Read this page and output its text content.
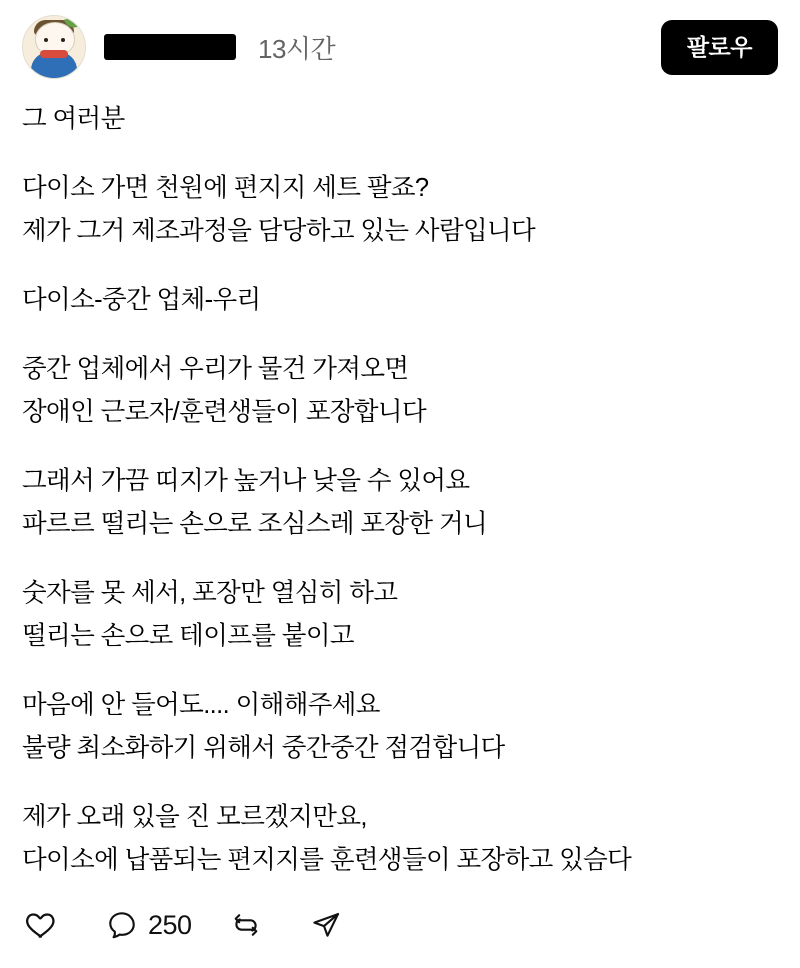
13시간	팔로우
그 여러분
다이소 가면 천원에 편지지 세트 팔죠?
제가 그거 제조과정을 담당하고 있는 사람입니다
다이소-중간 업체-우리
중간 업체에서 우리가 물건 가져오면
장애인 근로자/훈련생들이 포장합니다
그래서 가끔 띠지가 높거나 낮을 수 있어요
파르르 떨리는 손으로 조심스레 포장한 거니
숫자를 못 세서, 포장만 열심히 하고
떨리는 손으로 테이프를 붙이고
마음에 안 들어도.... 이해해주세요
불량 최소화하기 위해서 중간중간 점검합니다
제가 오래 있을 진 모르겠지만요,
다이소에 납품되는 편지지를 훈련생들이 포장하고 있슴다
250
